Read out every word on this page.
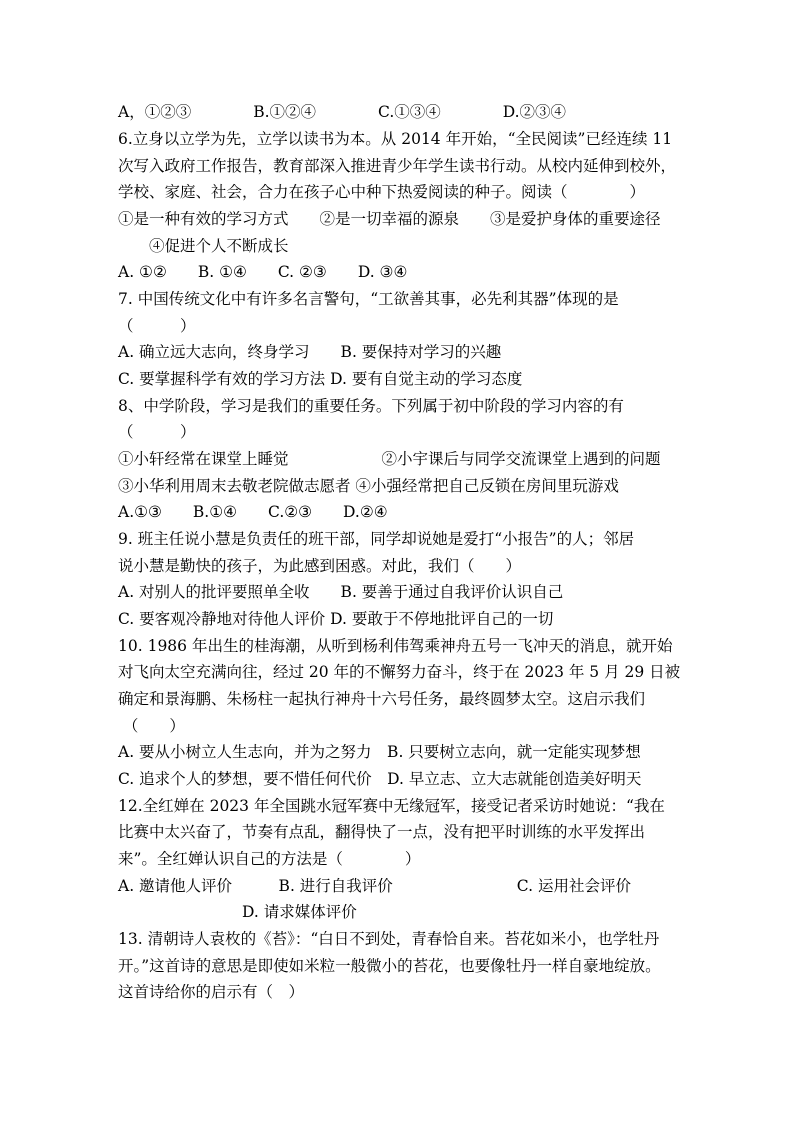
A，①②③　　　　B.①②④　　　　C.①③④　　　　D.②③④
6.立身以立学为先，立学以读书为本。从 2014 年开始，“全民阅读”已经连续 11
次写入政府工作报告，教育部深入推进青少年学生读书行动。从校内延伸到校外，
学校、家庭、社会，合力在孩子心中种下热爱阅读的种子。阅读（　　　　）
①是一种有效的学习方式　　②是一切幸福的源泉　　③是爱护身体的重要途径
　　④促进个人不断成长
A. ①②　　B. ①④　　C. ②③　　D. ③④
7. 中国传统文化中有许多名言警句，“工欲善其事，必先利其器”体现的是
（　　　）
A. 确立远大志向，终身学习　　B. 要保持对学习的兴趣
C. 要掌握科学有效的学习方法 D. 要有自觉主动的学习态度
8、中学阶段，学习是我们的重要任务。下列属于初中阶段的学习内容的有
（　　　）
①小轩经常在课堂上睡觉　　　　　　②小宇课后与同学交流课堂上遇到的问题
③小华利用周末去敬老院做志愿者 ④小强经常把自己反锁在房间里玩游戏
A.①③　　B.①④　　C.②③　　D.②④
9. 班主任说小慧是负责任的班干部，同学却说她是爱打“小报告”的人；邻居
说小慧是勤快的孩子，为此感到困惑。对此，我们（　　）
A. 对别人的批评要照单全收　　B. 要善于通过自我评价认识自己
C. 要客观冷静地对待他人评价 D. 要敢于不停地批评自己的一切
10. 1986 年出生的桂海潮，从听到杨利伟驾乘神舟五号一飞冲天的消息，就开始
对飞向太空充满向往，经过 20 年的不懈努力奋斗，终于在 2023 年 5 月 29 日被
确定和景海鹏、朱杨柱一起执行神舟十六号任务，最终圆梦太空。这启示我们
（　　）
A. 要从小树立人生志向，并为之努力　B. 只要树立志向，就一定能实现梦想
C. 追求个人的梦想，要不惜任何代价　D. 早立志、立大志就能创造美好明天
12.全红婵在 2023 年全国跳水冠军赛中无缘冠军，接受记者采访时她说：“我在
比赛中太兴奋了，节奏有点乱，翻得快了一点，没有把平时训练的水平发挥出
来”。全红婵认识自己的方法是（　　　　）
A. 邀请他人评价　　　B. 进行自我评价　　　　　　　　C. 运用社会评价
　　　　　　　　D. 请求媒体评价
13. 清朝诗人袁枚的《苔》：“白日不到处，青春恰自来。苔花如米小，也学牡丹
开。”这首诗的意思是即使如米粒一般微小的苔花，也要像牡丹一样自豪地绽放。
这首诗给你的启示有（　）
